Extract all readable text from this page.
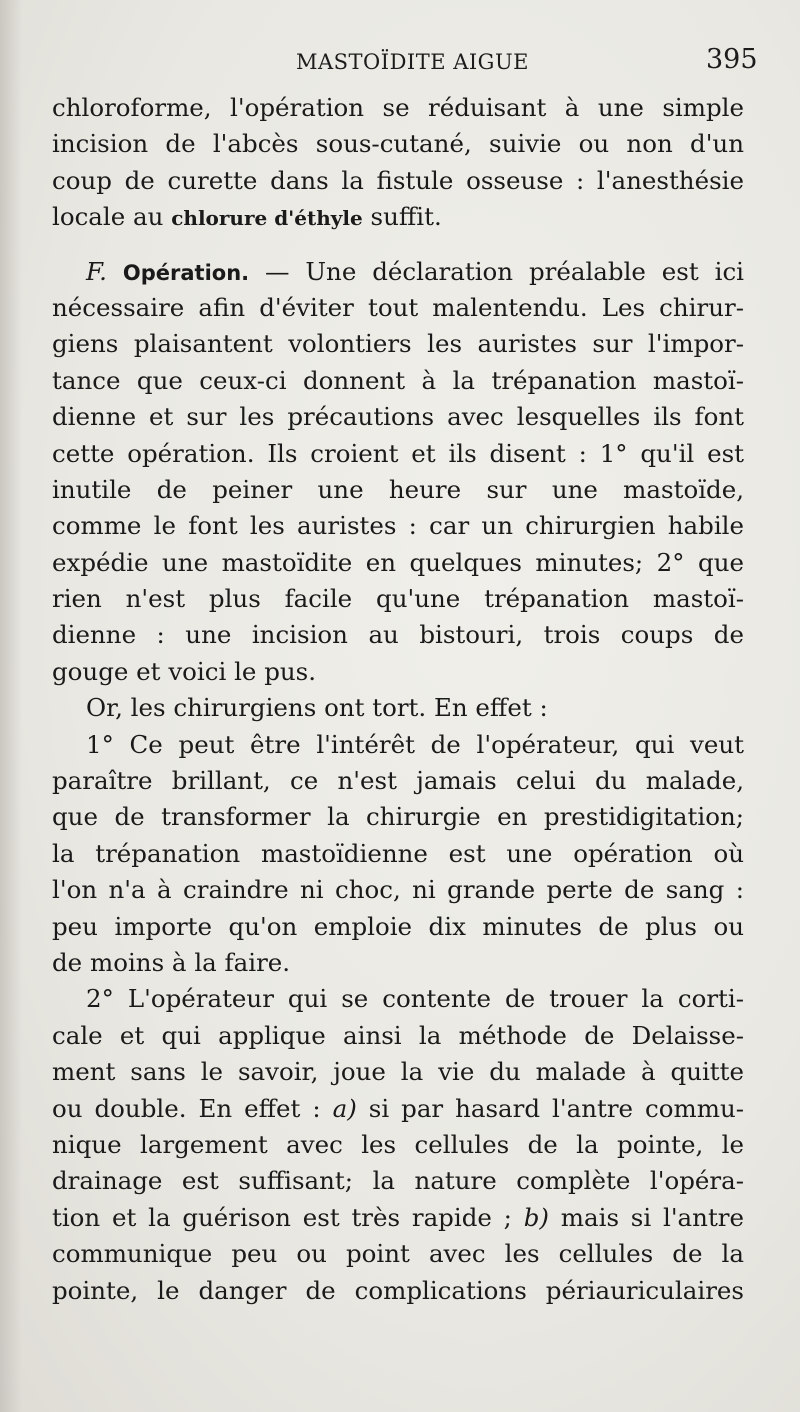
MASTOÏDITE AIGUE	395
chloroforme, l'opération se réduisant à une simple
incision de l'abcès sous-cutané, suivie ou non d'un
coup de curette dans la fistule osseuse : l'anesthésie
locale au chlorure d'éthyle suffit.
F. Opération. — Une déclaration préalable est ici
nécessaire afin d'éviter tout malentendu. Les chirur-
giens plaisantent volontiers les auristes sur l'impor-
tance que ceux-ci donnent à la trépanation mastoï-
dienne et sur les précautions avec lesquelles ils font
cette opération. Ils croient et ils disent : 1° qu'il est
inutile de peiner une heure sur une mastoïde,
comme le font les auristes : car un chirurgien habile
expédie une mastoïdite en quelques minutes; 2° que
rien n'est plus facile qu'une trépanation mastoï-
dienne : une incision au bistouri, trois coups de
gouge et voici le pus.
Or, les chirurgiens ont tort. En effet :
1° Ce peut être l'intérêt de l'opérateur, qui veut
paraître brillant, ce n'est jamais celui du malade,
que de transformer la chirurgie en prestidigitation;
la trépanation mastoïdienne est une opération où
l'on n'a à craindre ni choc, ni grande perte de sang :
peu importe qu'on emploie dix minutes de plus ou
de moins à la faire.
2° L'opérateur qui se contente de trouer la corti-
cale et qui applique ainsi la méthode de Delaisse-
ment sans le savoir, joue la vie du malade à quitte
ou double. En effet : a) si par hasard l'antre commu-
nique largement avec les cellules de la pointe, le
drainage est suffisant; la nature complète l'opéra-
tion et la guérison est très rapide ; b) mais si l'antre
communique peu ou point avec les cellules de la
pointe, le danger de complications périauriculaires
